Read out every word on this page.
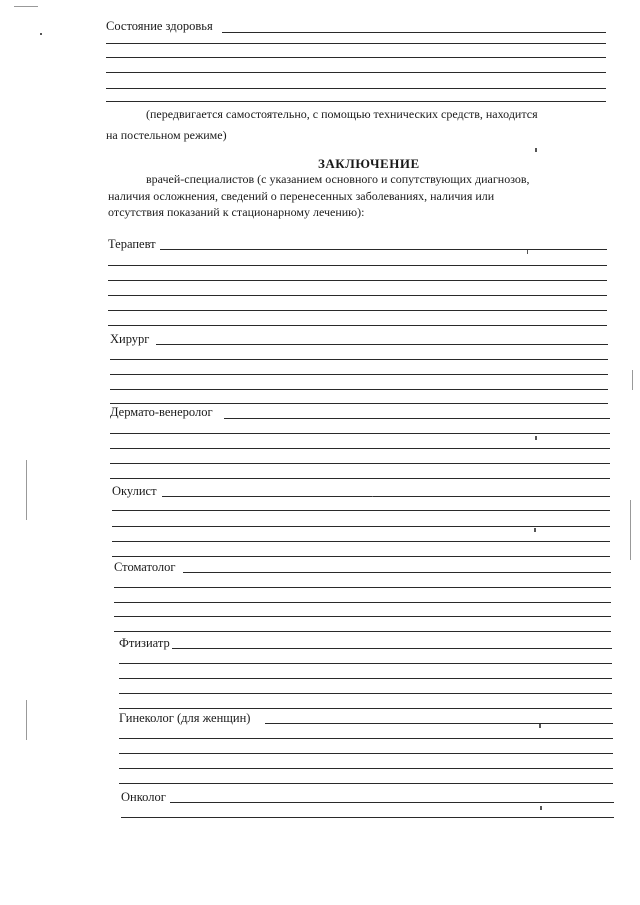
Состояние здоровья
(передвигается самостоятельно, с помощью технических средств, находится
на постельном режиме)
ЗАКЛЮЧЕНИЕ
врачей-специалистов (с указанием основного и сопутствующих диагнозов,
наличия осложнения, сведений о перенесенных заболеваниях, наличия или
отсутствия показаний к стационарному лечению):
Терапевт
Хирург
Дермато-венеролог
Окулист
Стоматолог
Фтизиатр
Гинеколог (для женщин)
Онколог
